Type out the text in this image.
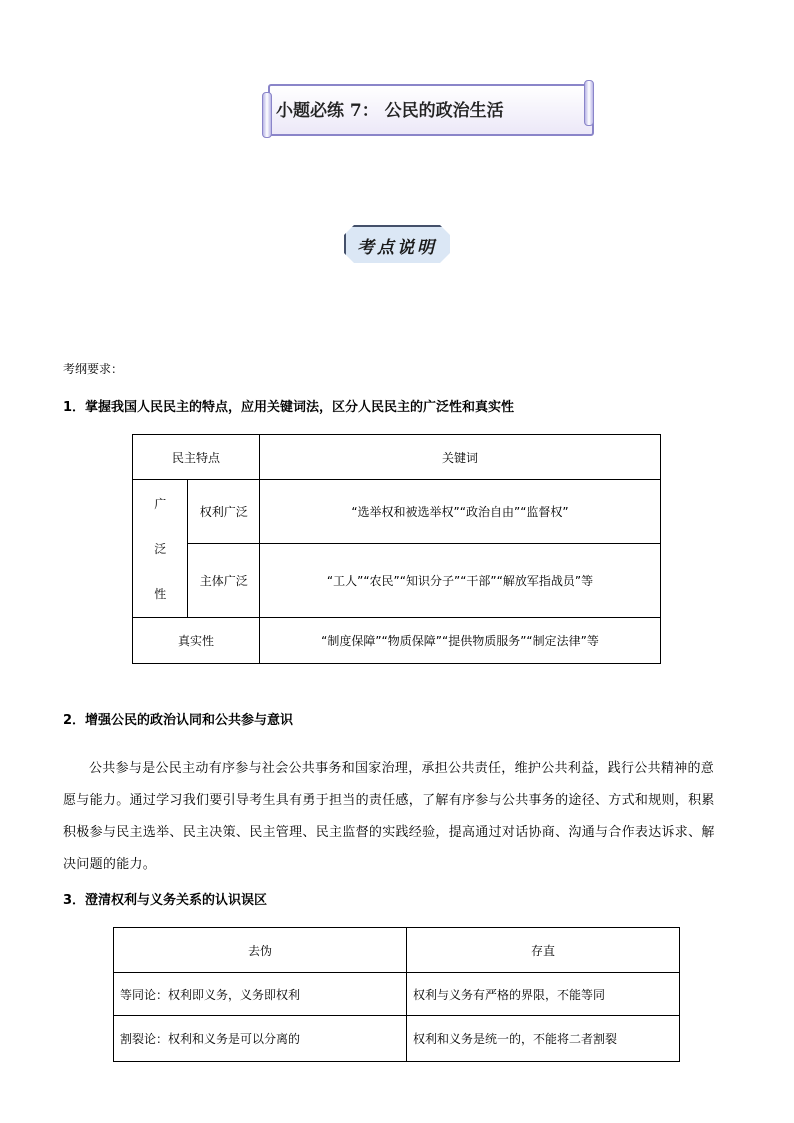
小题必练 7： 公民的政治生活
考点说明
考纲要求：
1．掌握我国人民民主的特点，应用关键词法，区分人民民主的广泛性和真实性
民主特点		关键词

广
泛
性	权利广泛	“选举权和被选举权”“政治自由”“监督权”
	主体广泛	“工人”“农民”“知识分子”“干部”“解放军指战员”等
真实性		“制度保障”“物质保障”“提供物质服务”“制定法律”等
2．增强公民的政治认同和公共参与意识
公共参与是公民主动有序参与社会公共事务和国家治理，承担公共责任，维护公共利益，践行公共精神的意愿与能力。通过学习我们要引导考生具有勇于担当的责任感，了解有序参与公共事务的途径、方式和规则，积累积极参与民主选举、民主决策、民主管理、民主监督的实践经验，提高通过对话协商、沟通与合作表达诉求、解决问题的能力。
3．澄清权利与义务关系的认识误区
去伪	存直
等同论：权利即义务，义务即权利	权利与义务有严格的界限，不能等同
割裂论：权利和义务是可以分离的	权利和义务是统一的，不能将二者割裂
